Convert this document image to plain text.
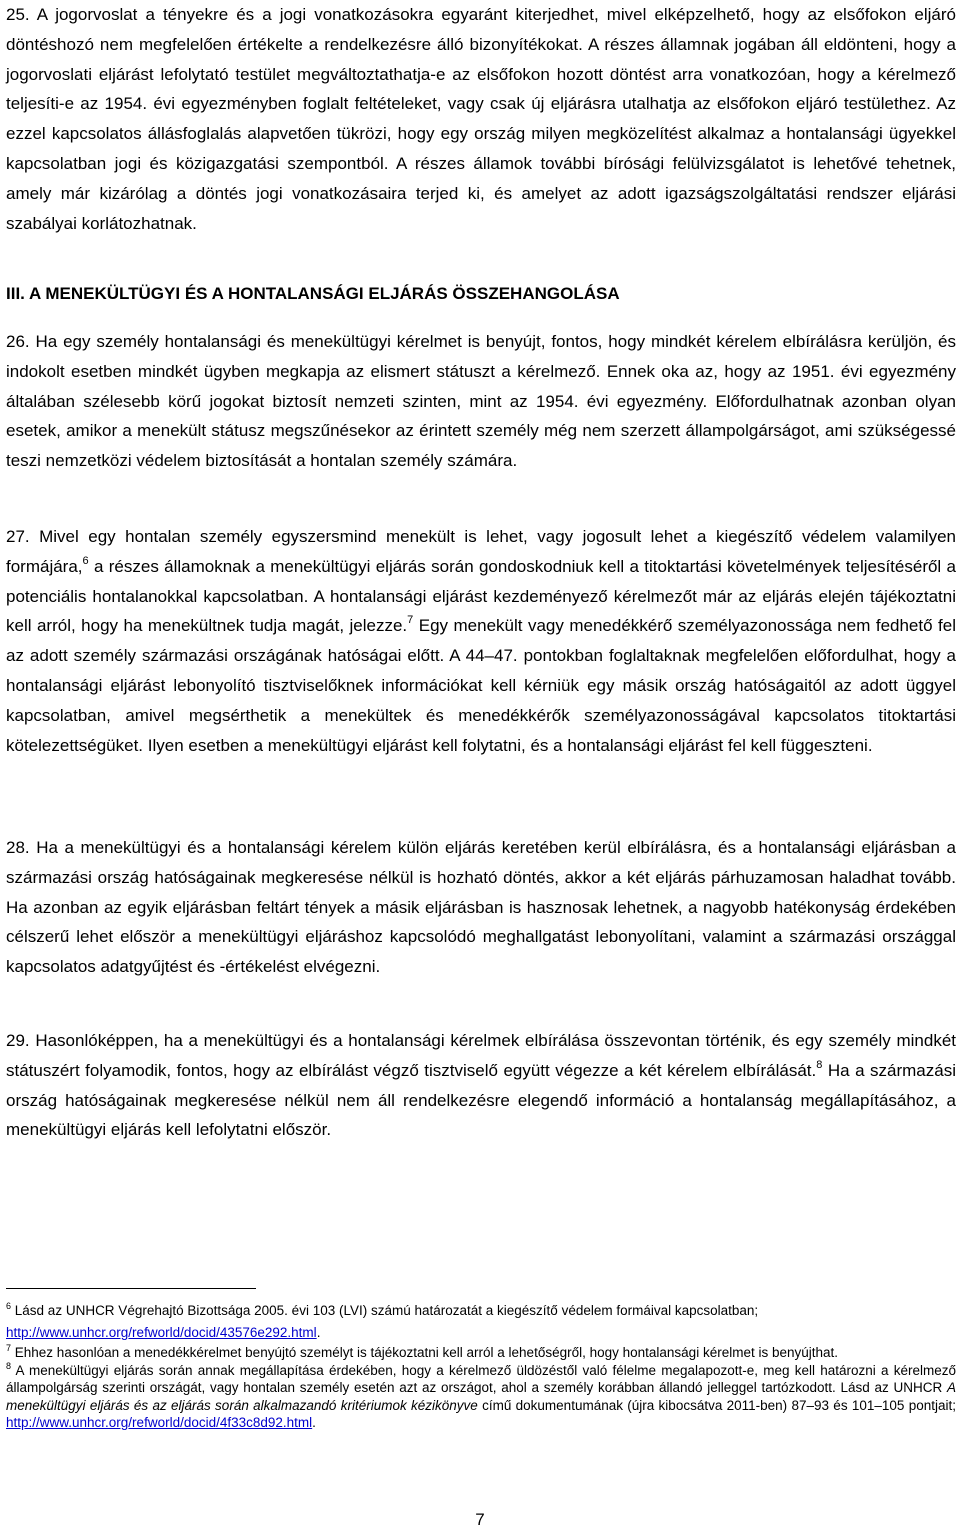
25. A jogorvoslat a tényekre és a jogi vonatkozásokra egyaránt kiterjedhet, mivel elképzelhető, hogy az elsőfokon eljáró döntéshozó nem megfelelően értékelte a rendelkezésre álló bizonyítékokat. A részes államnak jogában áll eldönteni, hogy a jogorvoslati eljárást lefolytató testület megváltoztathatja-e az elsőfokon hozott döntést arra vonatkozóan, hogy a kérelmező teljesíti-e az 1954. évi egyezményben foglalt feltételeket, vagy csak új eljárásra utalhatja az elsőfokon eljáró testülethez. Az ezzel kapcsolatos állásfoglalás alapvetően tükrözi, hogy egy ország milyen megközelítést alkalmaz a hontalansági ügyekkel kapcsolatban jogi és közigazgatási szempontból. A részes államok további bírósági felülvizsgálatot is lehetővé tehetnek, amely már kizárólag a döntés jogi vonatkozásaira terjed ki, és amelyet az adott igazságszolgáltatási rendszer eljárási szabályai korlátozhatnak.

III. A MENEKÜLTÜGYI ÉS A HONTALANSÁGI ELJÁRÁS ÖSSZEHANGOLÁSA

26. Ha egy személy hontalansági és menekültügyi kérelmet is benyújt, fontos, hogy mindkét kérelem elbírálásra kerüljön, és indokolt esetben mindkét ügyben megkapja az elismert státuszt a kérelmező. Ennek oka az, hogy az 1951. évi egyezmény általában szélesebb körű jogokat biztosít nemzeti szinten, mint az 1954. évi egyezmény. Előfordulhatnak azonban olyan esetek, amikor a menekült státusz megszűnésekor az érintett személy még nem szerzett állampolgárságot, ami szükségessé teszi nemzetközi védelem biztosítását a hontalan személy számára.

27. Mivel egy hontalan személy egyszersmind menekült is lehet, vagy jogosult lehet a kiegészítő védelem valamilyen formájára,$^6$ a részes államoknak a menekültügyi eljárás során gondoskodniuk kell a titoktartási követelmények teljesítéséről a potenciális hontalanokkal kapcsolatban. A hontalansági eljárást kezdeményező kérelmezőt már az eljárás elején tájékoztatni kell arról, hogy ha menekültnek tudja magát, jelezze.$^7$ Egy menekült vagy menedékkérő személyazonossága nem fedhető fel az adott személy származási országának hatóságai előtt. A 44–47. pontokban foglaltaknak megfelelően előfordulhat, hogy a hontalansági eljárást lebonyolító tisztviselőknek információkat kell kérniük egy másik ország hatóságaitól az adott üggyel kapcsolatban, amivel megsérthetik a menekültek és menedékkérők személyazonosságával kapcsolatos titoktartási kötelezettségüket. Ilyen esetben a menekültügyi eljárást kell folytatni, és a hontalansági eljárást fel kell függeszteni.

28. Ha a menekültügyi és a hontalansági kérelem külön eljárás keretében kerül elbírálásra, és a hontalansági eljárásban a származási ország hatóságainak megkeresése nélkül is hozható döntés, akkor a két eljárás párhuzamosan haladhat tovább. Ha azonban az egyik eljárásban feltárt tények a másik eljárásban is hasznosak lehetnek, a nagyobb hatékonyság érdekében célszerű lehet először a menekültügyi eljáráshoz kapcsolódó meghallgatást lebonyolítani, valamint a származási országgal kapcsolatos adatgyűjtést és -értékelést elvégezni.

29. Hasonlóképpen, ha a menekültügyi és a hontalansági kérelmek elbírálása összevontan történik, és egy személy mindkét státuszért folyamodik, fontos, hogy az elbírálást végző tisztviselő együtt végezze a két kérelem elbírálását.$^8$ Ha a származási ország hatóságainak megkeresése nélkül nem áll rendelkezésre elegendő információ a hontalanság megállapításához, a menekültügyi eljárás kell lefolytatni először.

$^6$ Lásd az UNHCR Végrehajtó Bizottsága 2005. évi 103 (LVI) számú határozatát a kiegészítő védelem formáival kapcsolatban;
http://www.unhcr.org/refworld/docid/43576e292.html.

$^7$ Ehhez hasonlóan a menedékkérelmet benyújtó személyt is tájékoztatni kell arról a lehetőségről, hogy hontalansági kérelmet is benyújthat.

$^8$ A menekültügyi eljárás során annak megállapítása érdekében, hogy a kérelmező üldözéstől való félelme megalapozott-e, meg kell határozni a kérelmező állampolgárság szerinti országát, vagy hontalan személy esetén azt az országot, ahol a személy korábban állandó jelleggel tartózkodott. Lásd az UNHCR A menekültügyi eljárás és az eljárás során alkalmazandó kritériumok kézikönyve című dokumentumának (újra kibocsátva 2011-ben) 87–93 és 101–105 pontjait; http://www.unhcr.org/refworld/docid/4f33c8d92.html.

7
